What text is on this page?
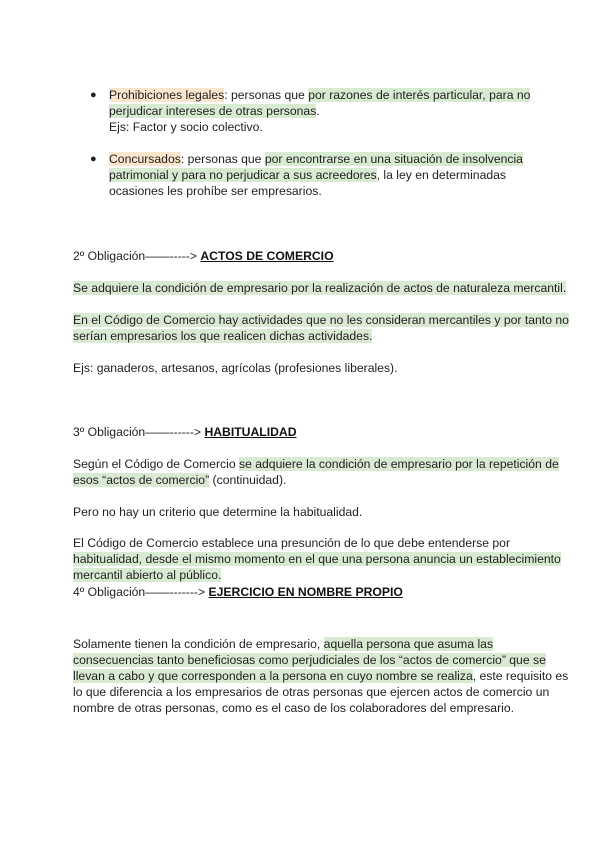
● Prohibiciones legales: personas que por razones de interés particular, para no perjudicar intereses de otras personas.

Ejs: Factor y socio colectivo.

● Concursados: personas que por encontrarse en una situación de insolvencia patrimonial y para no perjudicar a sus acreedores, la ley en determinadas ocasiones les prohíbe ser empresarios.

2º Obligación——-----> ACTOS DE COMERCIO

Se adquiere la condición de empresario por la realización de actos de naturaleza mercantil.

En el Código de Comercio hay actividades que no les consideran mercantiles y por tanto no serían empresarios los que realicen dichas actividades.

Ejs: ganaderos, artesanos, agrícolas (profesiones liberales).

3º Obligación——------> HABITUALIDAD

Según el Código de Comercio se adquiere la condición de empresario por la repetición de esos “actos de comercio” (continuidad).

Pero no hay un criterio que determine la habitualidad.

El Código de Comercio establece una presunción de lo que debe entenderse por habitualidad, desde el mismo momento en el que una persona anuncia un establecimiento mercantil abierto al público.

4º Obligación——-------> EJERCICIO EN NOMBRE PROPIO

Solamente tienen la condición de empresario, aquella persona que asuma las consecuencias tanto beneficiosas como perjudiciales de los “actos de comercio” que se llevan a cabo y que corresponden a la persona en cuyo nombre se realiza, este requisito es lo que diferencia a los empresarios de otras personas que ejercen actos de comercio un nombre de otras personas, como es el caso de los colaboradores del empresario.
